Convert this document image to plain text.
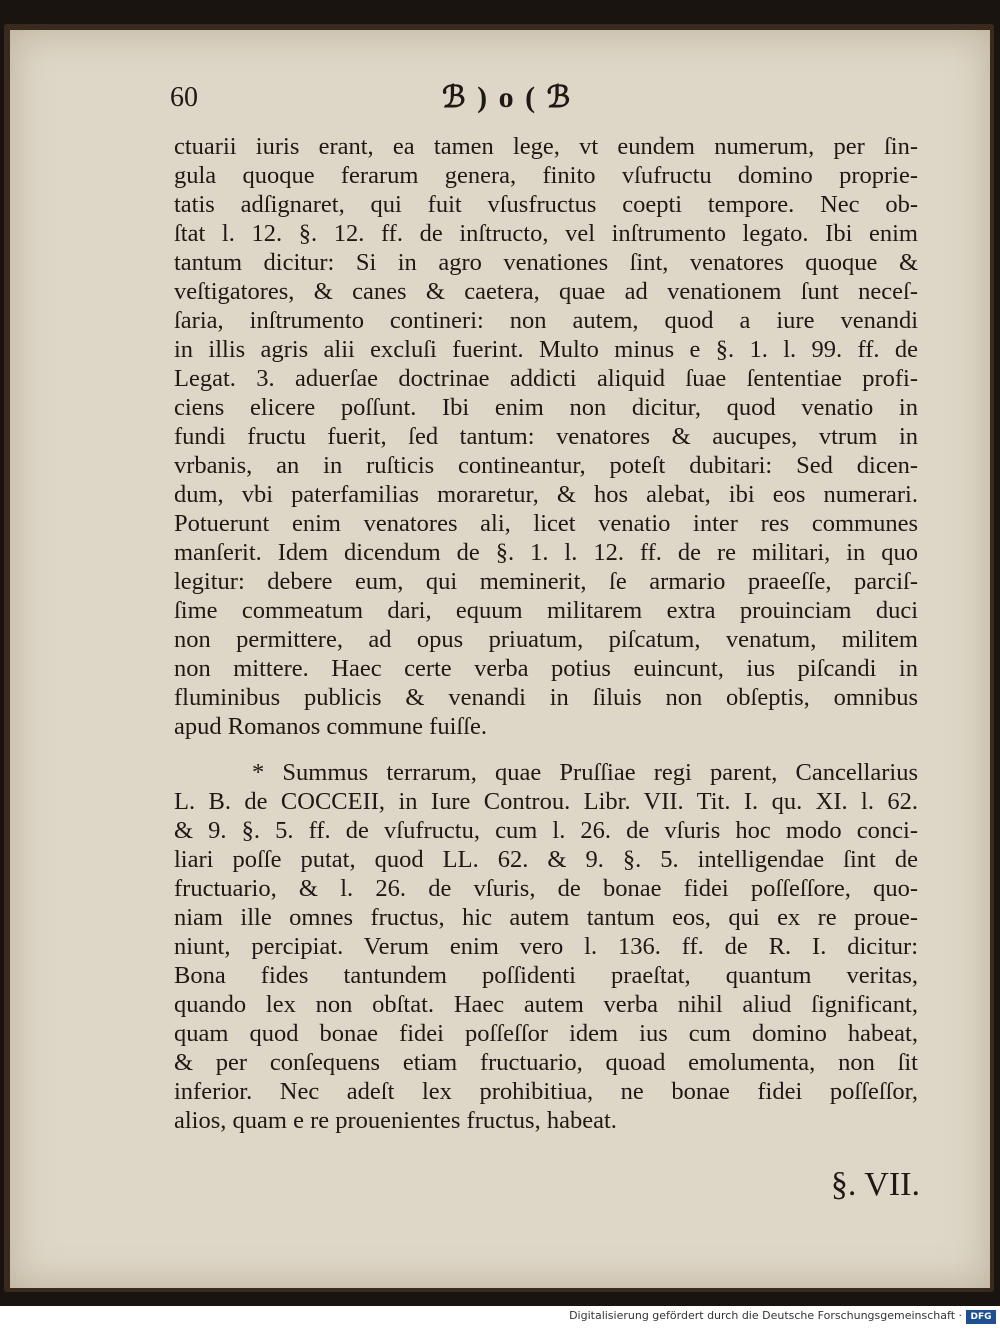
60	ℬ ) o ( ℬ
ctuarii iuris erant, ea tamen lege, vt eundem numerum, per ſin-
gula quoque ferarum genera, finito vſufructu domino proprie-
tatis adſignaret, qui fuit vſusfructus coepti tempore. Nec ob-
ſtat l. 12. §. 12. ff. de inſtructo, vel inſtrumento legato. Ibi enim
tantum dicitur: Si in agro venationes ſint, venatores quoque &
veſtigatores, & canes & caetera, quae ad venationem ſunt neceſ-
ſaria, inſtrumento contineri: non autem, quod a iure venandi
in illis agris alii excluſi fuerint. Multo minus e §. 1. l. 99. ff. de
Legat. 3. aduerſae doctrinae addicti aliquid ſuae ſententiae profi-
ciens elicere poſſunt. Ibi enim non dicitur, quod venatio in
fundi fructu fuerit, ſed tantum: venatores & aucupes, vtrum in
vrbanis, an in ruſticis contineantur, poteſt dubitari: Sed dicen-
dum, vbi paterfamilias moraretur, & hos alebat, ibi eos numerari.
Potuerunt enim venatores ali, licet venatio inter res communes
manſerit. Idem dicendum de §. 1. l. 12. ff. de re militari, in quo
legitur: debere eum, qui meminerit, ſe armario praeeſſe, parciſ-
ſime commeatum dari, equum militarem extra prouinciam duci
non permittere, ad opus priuatum, piſcatum, venatum, militem
non mittere. Haec certe verba potius euincunt, ius piſcandi in
fluminibus publicis & venandi in ſiluis non obſeptis, omnibus
apud Romanos commune fuiſſe.
* Summus terrarum, quae Pruſſiae regi parent, Cancellarius
L. B. de COCCEII, in Iure Controu. Libr. VII. Tit. I. qu. XI. l. 62.
& 9. §. 5. ff. de vſufructu, cum l. 26. de vſuris hoc modo conci-
liari poſſe putat, quod LL. 62. & 9. §. 5. intelligendae ſint de
fructuario, & l. 26. de vſuris, de bonae fidei poſſeſſore, quo-
niam ille omnes fructus, hic autem tantum eos, qui ex re proue-
niunt, percipiat. Verum enim vero l. 136. ff. de R. I. dicitur:
Bona fides tantundem poſſidenti praeſtat, quantum veritas,
quando lex non obſtat. Haec autem verba nihil aliud ſignificant,
quam quod bonae fidei poſſeſſor idem ius cum domino habeat,
& per conſequens etiam fructuario, quoad emolumenta, non ſit
inferior. Nec adeſt lex prohibitiua, ne bonae fidei poſſeſſor,
alios, quam e re prouenientes fructus, habeat.
§. VII.
Digitalisierung gefördert durch die Deutsche Forschungsgemeinschaft · DFG
